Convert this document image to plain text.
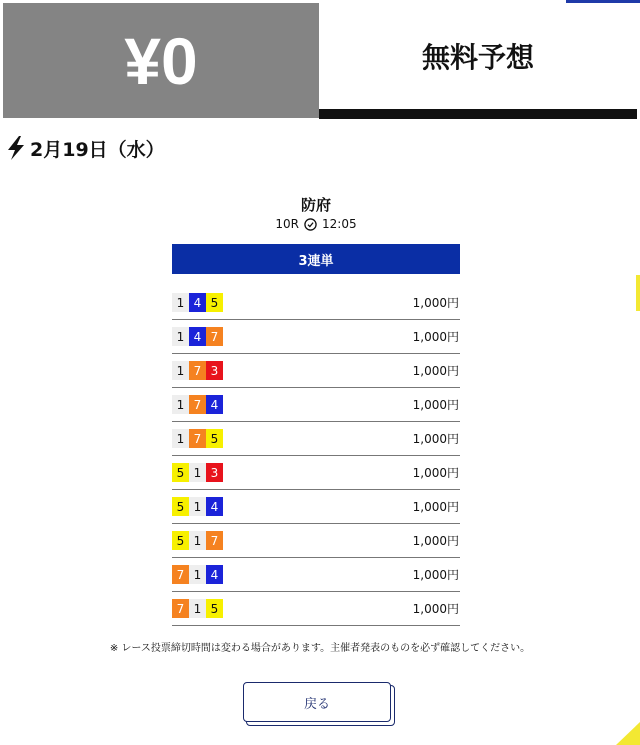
¥0	無料予想
2月19日（水）
防府
10R 12:05
3連単
1 4 5	1,000円
1 4 7	1,000円
1 7 3	1,000円
1 7 4	1,000円
1 7 5	1,000円
5 1 3	1,000円
5 1 4	1,000円
5 1 7	1,000円
7 1 4	1,000円
7 1 5	1,000円
※ レース投票締切時間は変わる場合があります。主催者発表のものを必ず確認してください。
戻る
